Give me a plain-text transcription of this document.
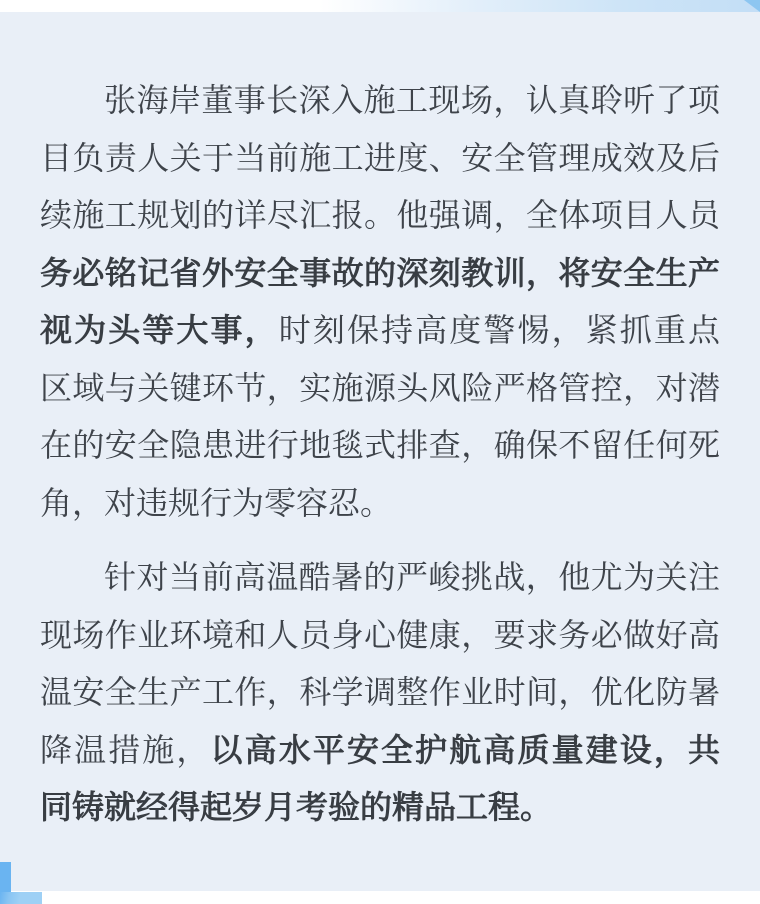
张海岸董事长深入施工现场，认真聆听了项
目负责人关于当前施工进度、安全管理成效及后
续施工规划的详尽汇报。他强调，全体项目人员
务必铭记省外安全事故的深刻教训，将安全生产
视为头等大事，时刻保持高度警惕，紧抓重点
区域与关键环节，实施源头风险严格管控，对潜
在的安全隐患进行地毯式排查，确保不留任何死
角，对违规行为零容忍。
针对当前高温酷暑的严峻挑战，他尤为关注
现场作业环境和人员身心健康，要求务必做好高
温安全生产工作，科学调整作业时间，优化防暑
降温措施，以高水平安全护航高质量建设，共
同铸就经得起岁月考验的精品工程。
